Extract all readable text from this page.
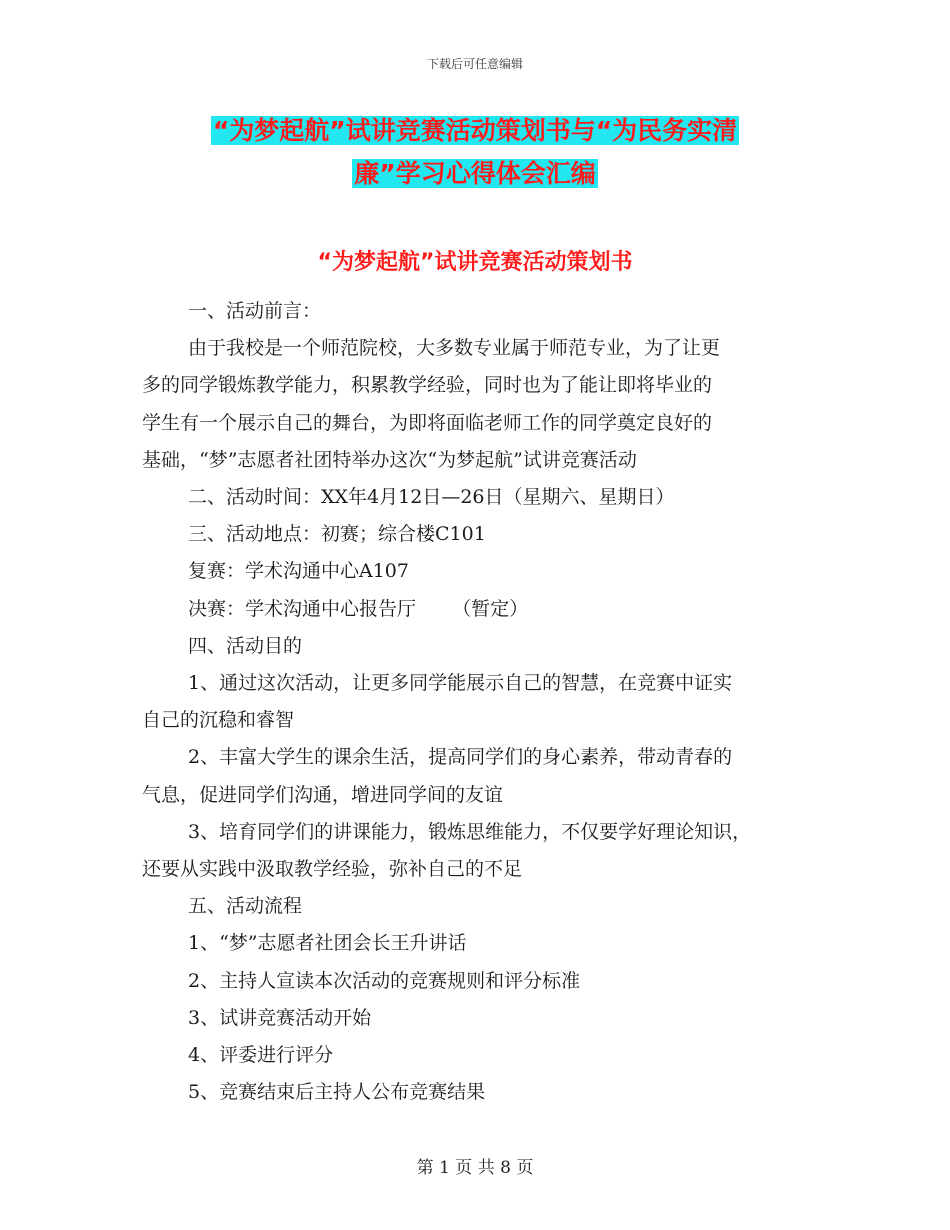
下载后可任意编辑
“为梦起航”试讲竞赛活动策划书与“为民务实清
廉”学习心得体会汇编
“为梦起航”试讲竞赛活动策划书

一、活动前言：

由于我校是一个师范院校，大多数专业属于师范专业，为了让更

多的同学锻炼教学能力，积累教学经验，同时也为了能让即将毕业的

学生有一个展示自己的舞台，为即将面临老师工作的同学奠定良好的

基础，“梦”志愿者社团特举办这次“为梦起航”试讲竞赛活动

二、活动时间：XX年4月12日—26日（星期六、星期日）

三、活动地点：初赛；综合楼C101

复赛：学术沟通中心A107

决赛：学术沟通中心报告厅      （暂定）

四、活动目的

1、通过这次活动，让更多同学能展示自己的智慧，在竞赛中证实

自己的沉稳和睿智

2、丰富大学生的课余生活，提高同学们的身心素养，带动青春的

气息，促进同学们沟通，增进同学间的友谊

3、培育同学们的讲课能力，锻炼思维能力，不仅要学好理论知识，

还要从实践中汲取教学经验，弥补自己的不足

五、活动流程

1、“梦”志愿者社团会长王升讲话

2、主持人宣读本次活动的竞赛规则和评分标准

3、试讲竞赛活动开始

4、评委进行评分

5、竞赛结束后主持人公布竞赛结果

第 1 页 共 8 页
